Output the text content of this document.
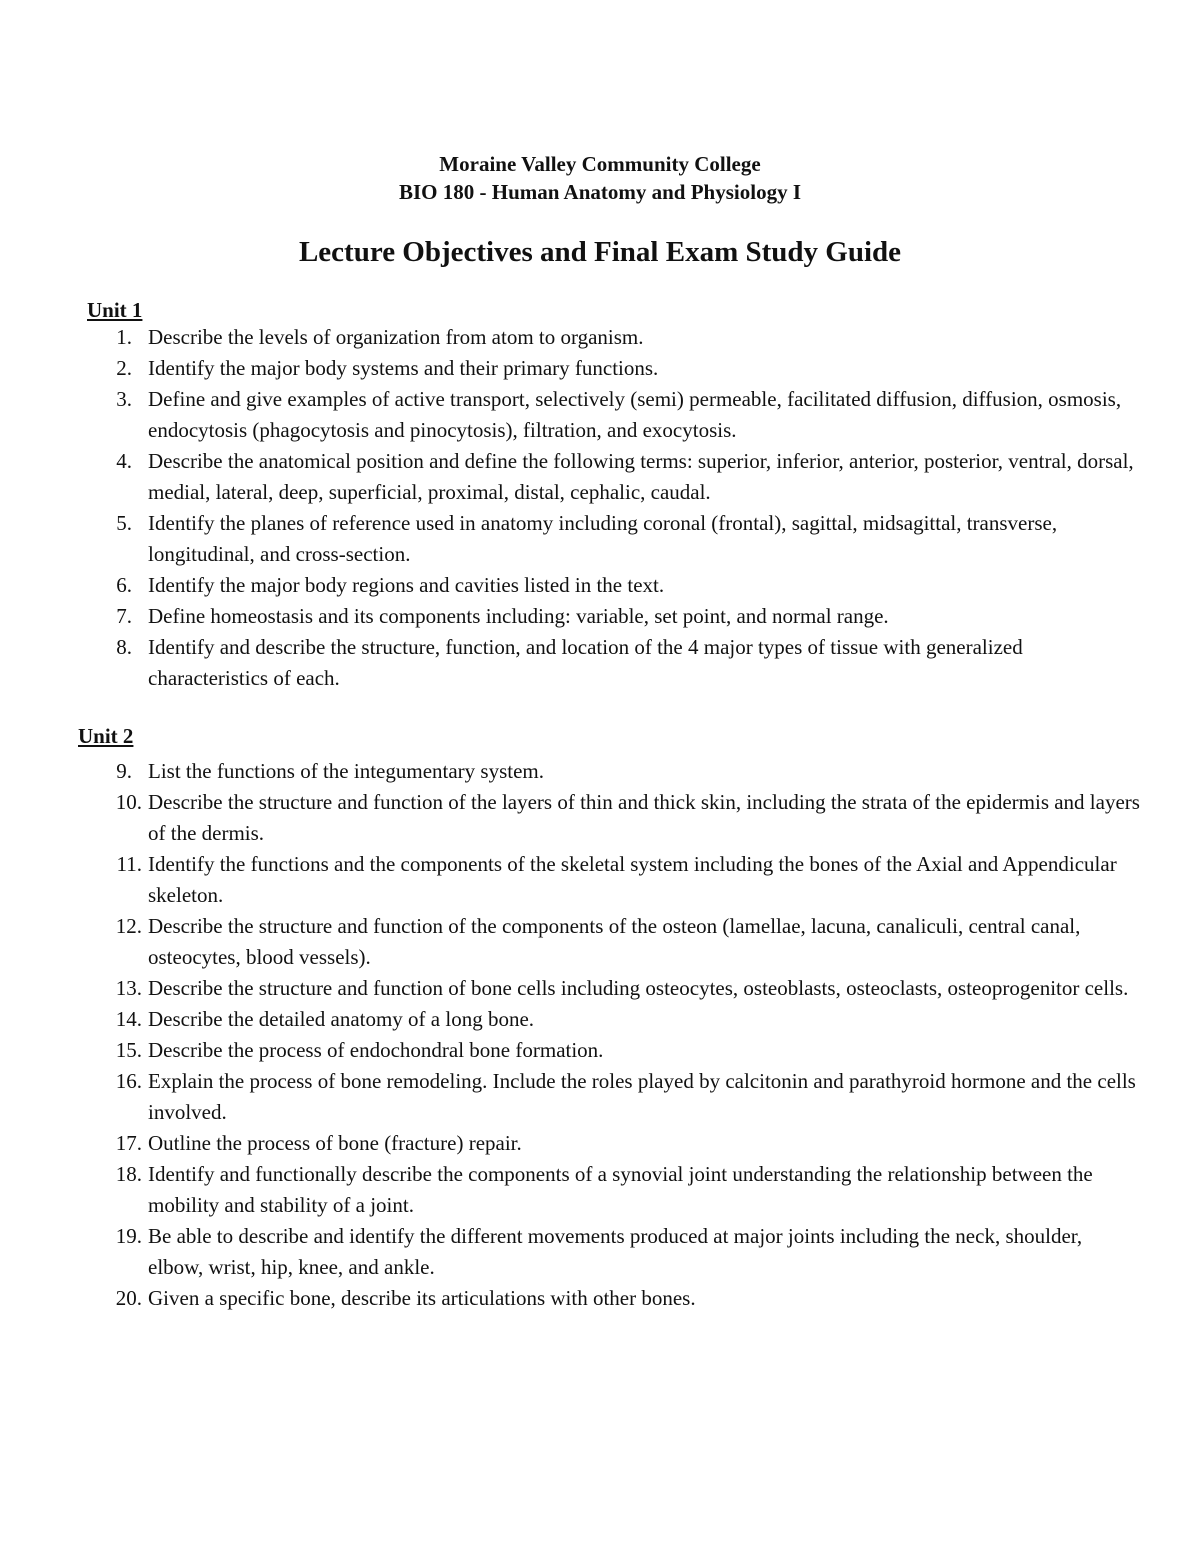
Moraine Valley Community College
BIO 180 - Human Anatomy and Physiology I
Lecture Objectives and Final Exam Study Guide
Unit 1
1. Describe the levels of organization from atom to organism.
2. Identify the major body systems and their primary functions.
3. Define and give examples of active transport, selectively (semi) permeable, facilitated diffusion, diffusion, osmosis, endocytosis (phagocytosis and pinocytosis), filtration, and exocytosis.
4. Describe the anatomical position and define the following terms: superior, inferior, anterior, posterior, ventral, dorsal, medial, lateral, deep, superficial, proximal, distal, cephalic, caudal.
5. Identify the planes of reference used in anatomy including coronal (frontal), sagittal, midsagittal, transverse, longitudinal, and cross-section.
6. Identify the major body regions and cavities listed in the text.
7. Define homeostasis and its components including: variable, set point, and normal range.
8. Identify and describe the structure, function, and location of the 4 major types of tissue with generalized characteristics of each.
Unit 2
9. List the functions of the integumentary system.
10. Describe the structure and function of the layers of thin and thick skin, including the strata of the epidermis and layers of the dermis.
11. Identify the functions and the components of the skeletal system including the bones of the Axial and Appendicular skeleton.
12. Describe the structure and function of the components of the osteon (lamellae, lacuna, canaliculi, central canal, osteocytes, blood vessels).
13. Describe the structure and function of bone cells including osteocytes, osteoblasts, osteoclasts, osteoprogenitor cells.
14. Describe the detailed anatomy of a long bone.
15. Describe the process of endochondral bone formation.
16. Explain the process of bone remodeling. Include the roles played by calcitonin and parathyroid hormone and the cells involved.
17. Outline the process of bone (fracture) repair.
18. Identify and functionally describe the components of a synovial joint understanding the relationship between the mobility and stability of a joint.
19. Be able to describe and identify the different movements produced at major joints including the neck, shoulder, elbow, wrist, hip, knee, and ankle.
20. Given a specific bone, describe its articulations with other bones.
